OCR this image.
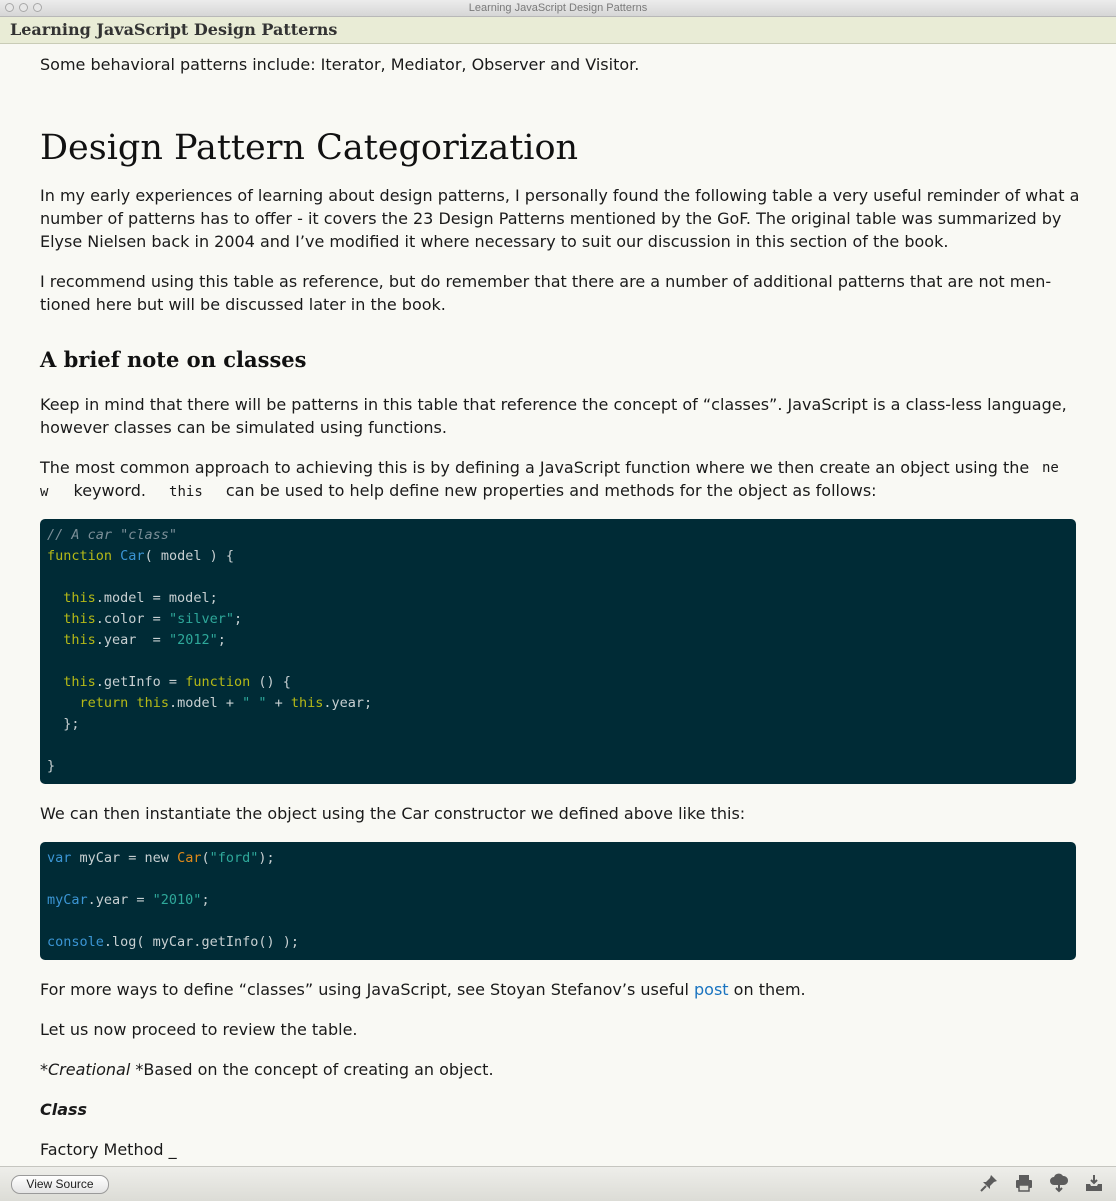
Learning JavaScript Design Patterns
Learning JavaScript Design Patterns

Some behavioral patterns include: Iterator, Mediator, Observer and Visitor.

Design Pattern Categorization

In my early experiences of learning about design patterns, I personally found the following table a very useful reminder of what a

number of patterns has to offer - it covers the 23 Design Patterns mentioned by the GoF. The original table was summarized by

Elyse Nielsen back in 2004 and I’ve modified it where necessary to suit our discussion in this section of the book.

I recommend using this table as reference, but do remember that there are a number of additional patterns that are not men-

tioned here but will be discussed later in the book.

A brief note on classes

Keep in mind that there will be patterns in this table that reference the concept of “classes”. JavaScript is a class-less language,

however classes can be simulated using functions.

The most common approach to achieving this is by defining a JavaScript function where we then create an object using the ne

w keyword. this can be used to help define new properties and methods for the object as follows:

// A car "class"
function Car( model ) {

this.model = model;
this.color = "silver";
this.year  = "2012";

this.getInfo = function () {
return this.model + " " + this.year;
};

}

We can then instantiate the object using the Car constructor we defined above like this:

var myCar = new Car("ford");

myCar.year = "2010";

console.log( myCar.getInfo() );

For more ways to define “classes” using JavaScript, see Stoyan Stefanov’s useful post on them.

Let us now proceed to review the table.

*Creational *Based on the concept of creating an object.

Class

Factory Method _

View Source
